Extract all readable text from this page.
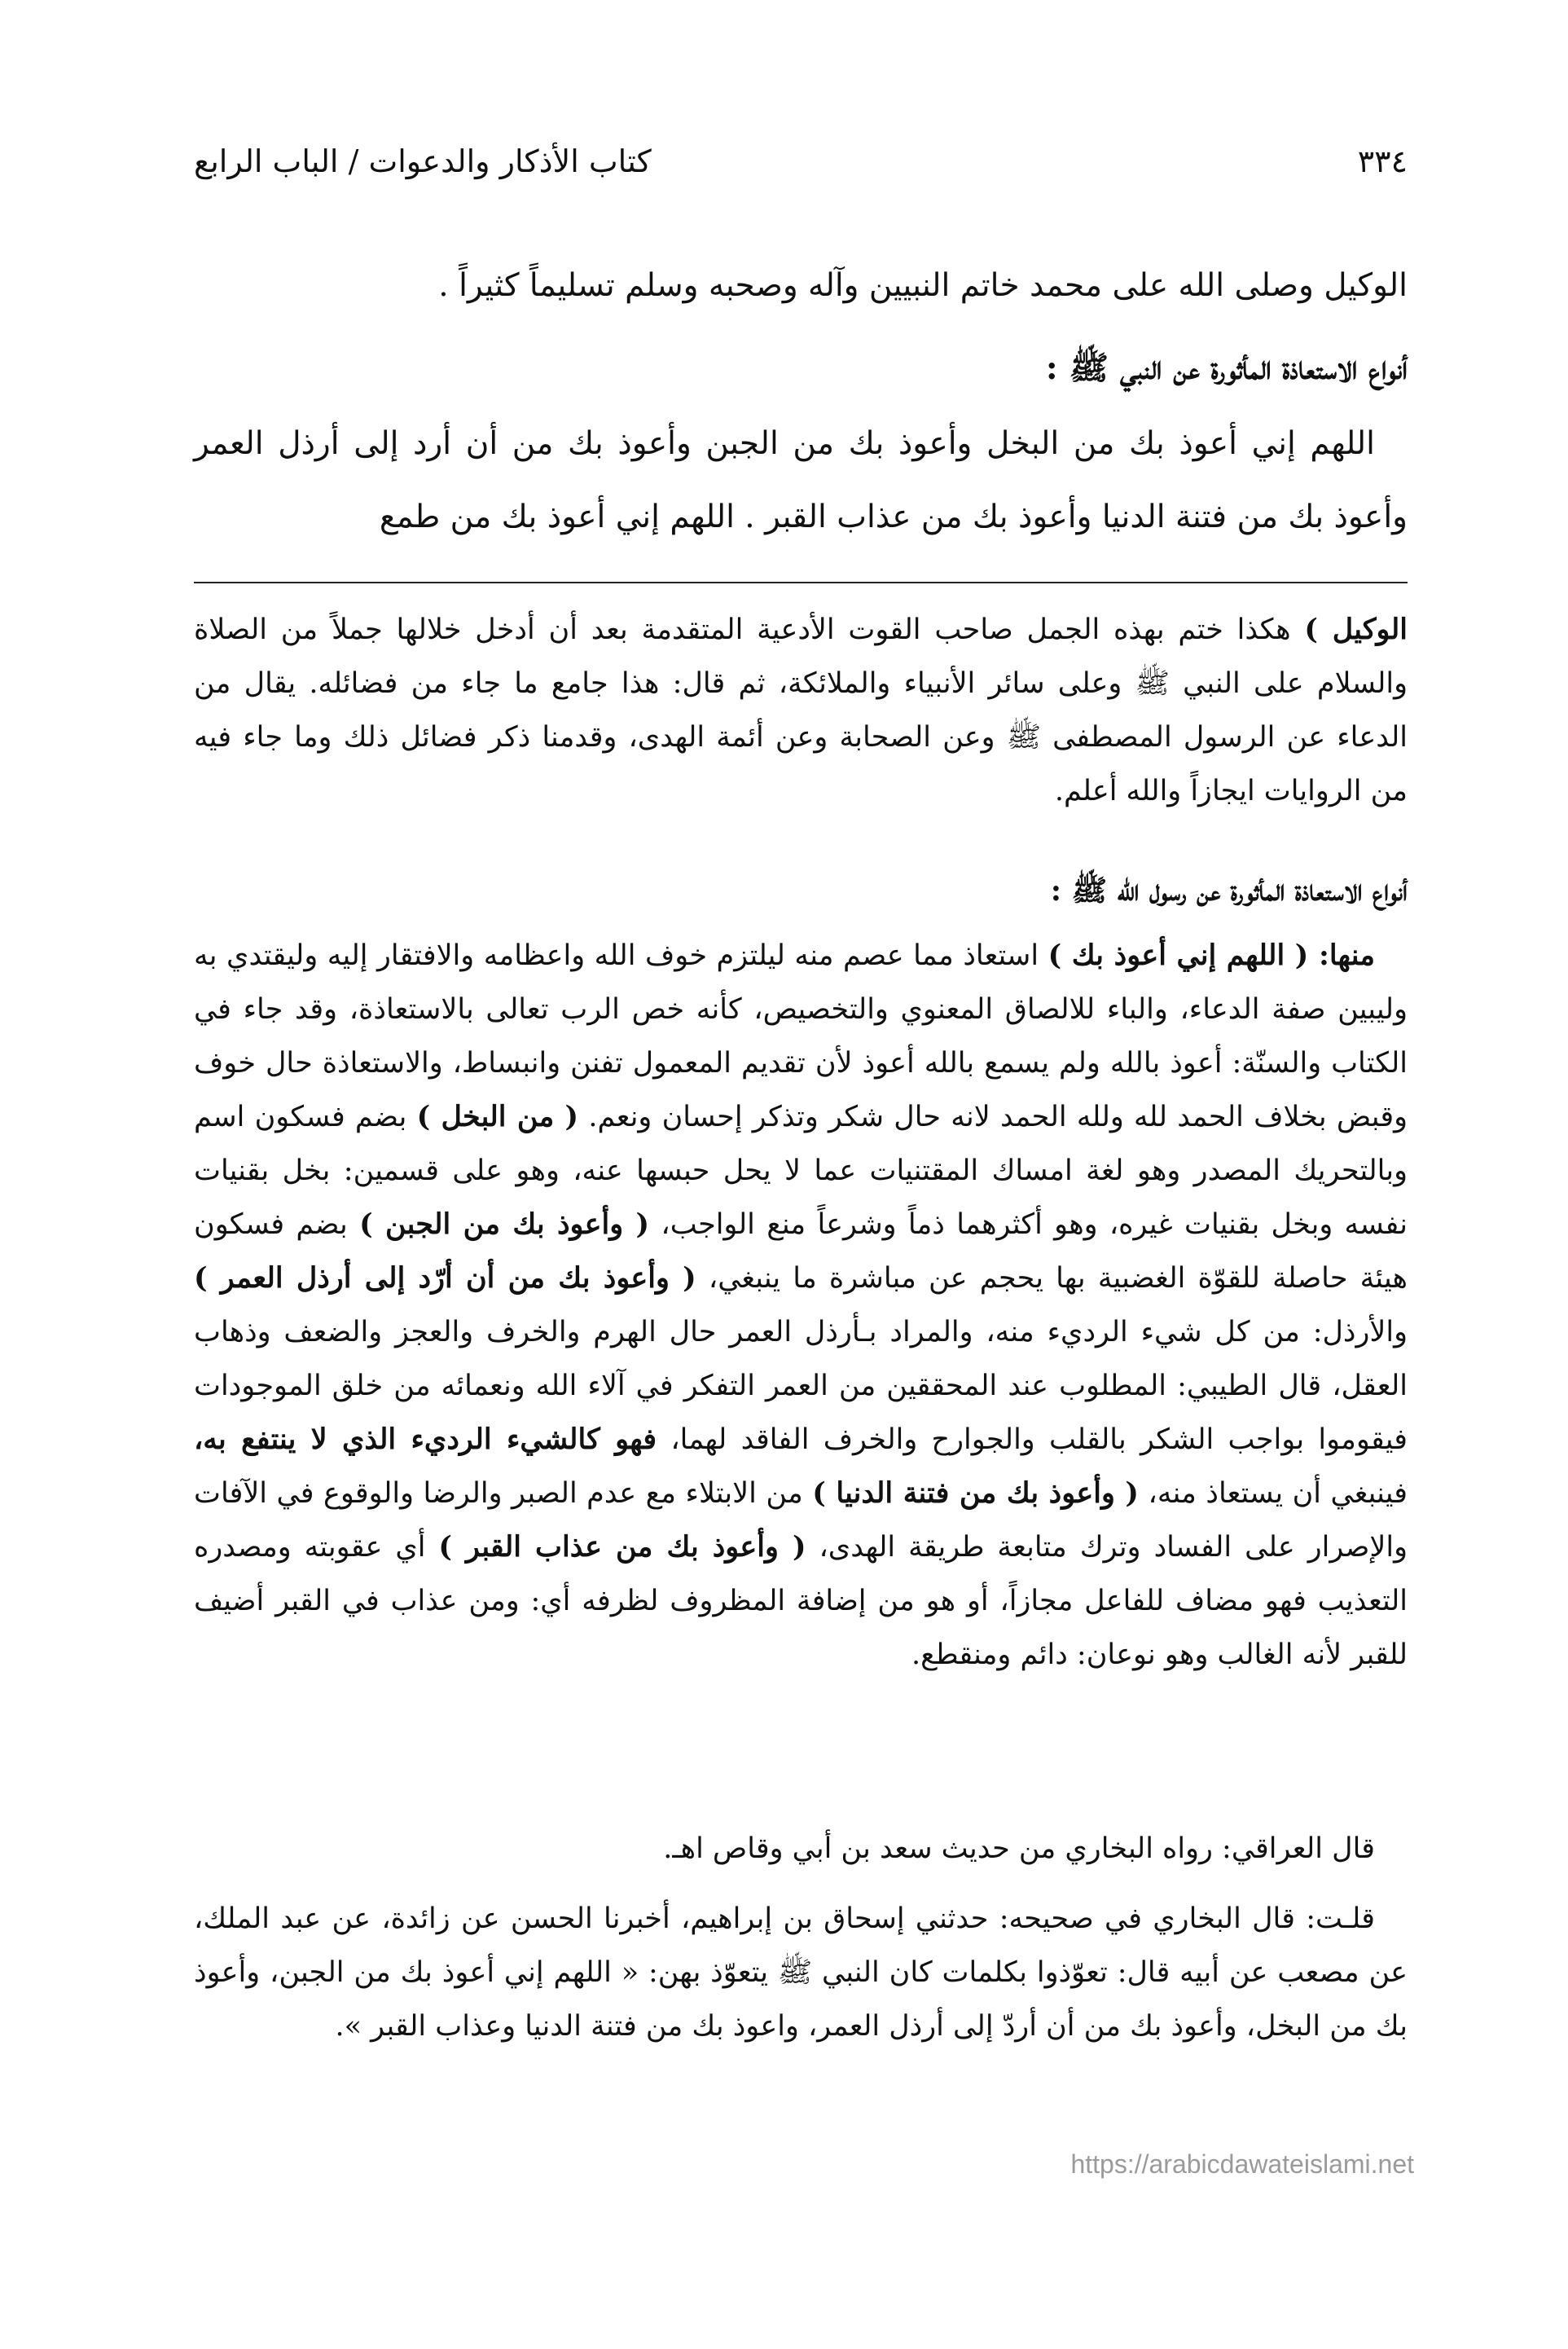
٣٣٤
كتاب الأذكار والدعوات / الباب الرابع

الوكيل وصلى الله على محمد خاتم النبيين وآله وصحبه وسلم تسليماً كثيراً .

أنواع الاستعاذة المأثورة عن النبي ﷺ :

اللهم إني أعوذ بك من البخل وأعوذ بك من الجبن وأعوذ بك من أن أرد إلى أرذل العمر وأعوذ بك من فتنة الدنيا وأعوذ بك من عذاب القبر . اللهم إني أعوذ بك من طمع

الوكيل ) هكذا ختم بهذه الجمل صاحب القوت الأدعية المتقدمة بعد أن أدخل خلالها جملاً من الصلاة والسلام على النبي ﷺ وعلى سائر الأنبياء والملائكة، ثم قال: هذا جامع ما جاء من فضائله. يقال من الدعاء عن الرسول المصطفى ﷺ وعن الصحابة وعن أئمة الهدى، وقدمنا ذكر فضائل ذلك وما جاء فيه من الروايات ايجازاً والله أعلم.

أنواع الاستعاذة المأثورة عن رسول الله ﷺ :

منها: ( اللهم إني أعوذ بك ) استعاذ مما عصم منه ليلتزم خوف الله واعظامه والافتقار إليه وليقتدي به وليبين صفة الدعاء، والباء للالصاق المعنوي والتخصيص، كأنه خص الرب تعالى بالاستعاذة، وقد جاء في الكتاب والسنّة: أعوذ بالله ولم يسمع بالله أعوذ لأن تقديم المعمول تفنن وانبساط، والاستعاذة حال خوف وقبض بخلاف الحمد لله ولله الحمد لانه حال شكر وتذكر إحسان ونعم. ( من البخل ) بضم فسكون اسم وبالتحريك المصدر وهو لغة امساك المقتنيات عما لا يحل حبسها عنه، وهو على قسمين: بخل بقنيات نفسه وبخل بقنيات غيره، وهو أكثرهما ذماً وشرعاً منع الواجب، ( وأعوذ بك من الجبن ) بضم فسكون هيئة حاصلة للقوّة الغضبية بها يحجم عن مباشرة ما ينبغي، ( وأعوذ بك من أن أرّد إلى أرذل العمر ) والأرذل: من كل شيء الرديء منه، والمراد بـأرذل العمر حال الهرم والخرف والعجز والضعف وذهاب العقل، قال الطيبي: المطلوب عند المحققين من العمر التفكر في آلاء الله ونعمائه من خلق الموجودات فيقوموا بواجب الشكر بالقلب والجوارح والخرف الفاقد لهما، فهو كالشيء الرديء الذي لا ينتفع به، فينبغي أن يستعاذ منه، ( وأعوذ بك من فتنة الدنيا ) من الابتلاء مع عدم الصبر والرضا والوقوع في الآفات والإصرار على الفساد وترك متابعة طريقة الهدى، ( وأعوذ بك من عذاب القبر ) أي عقوبته ومصدره التعذيب فهو مضاف للفاعل مجازاً، أو هو من إضافة المظروف لظرفه أي: ومن عذاب في القبر أضيف للقبر لأنه الغالب وهو نوعان: دائم ومنقطع.

قال العراقي: رواه البخاري من حديث سعد بن أبي وقاص اهـ.

قلـت: قال البخاري في صحيحه: حدثني إسحاق بن إبراهيم، أخبرنا الحسن عن زائدة، عن عبد الملك، عن مصعب عن أبيه قال: تعوّذوا بكلمات كان النبي ﷺ يتعوّذ بهن: « اللهم إني أعوذ بك من الجبن، وأعوذ بك من البخل، وأعوذ بك من أن أردّ إلى أرذل العمر، واعوذ بك من فتنة الدنيا وعذاب القبر ».

https://arabicdawateislami.net
